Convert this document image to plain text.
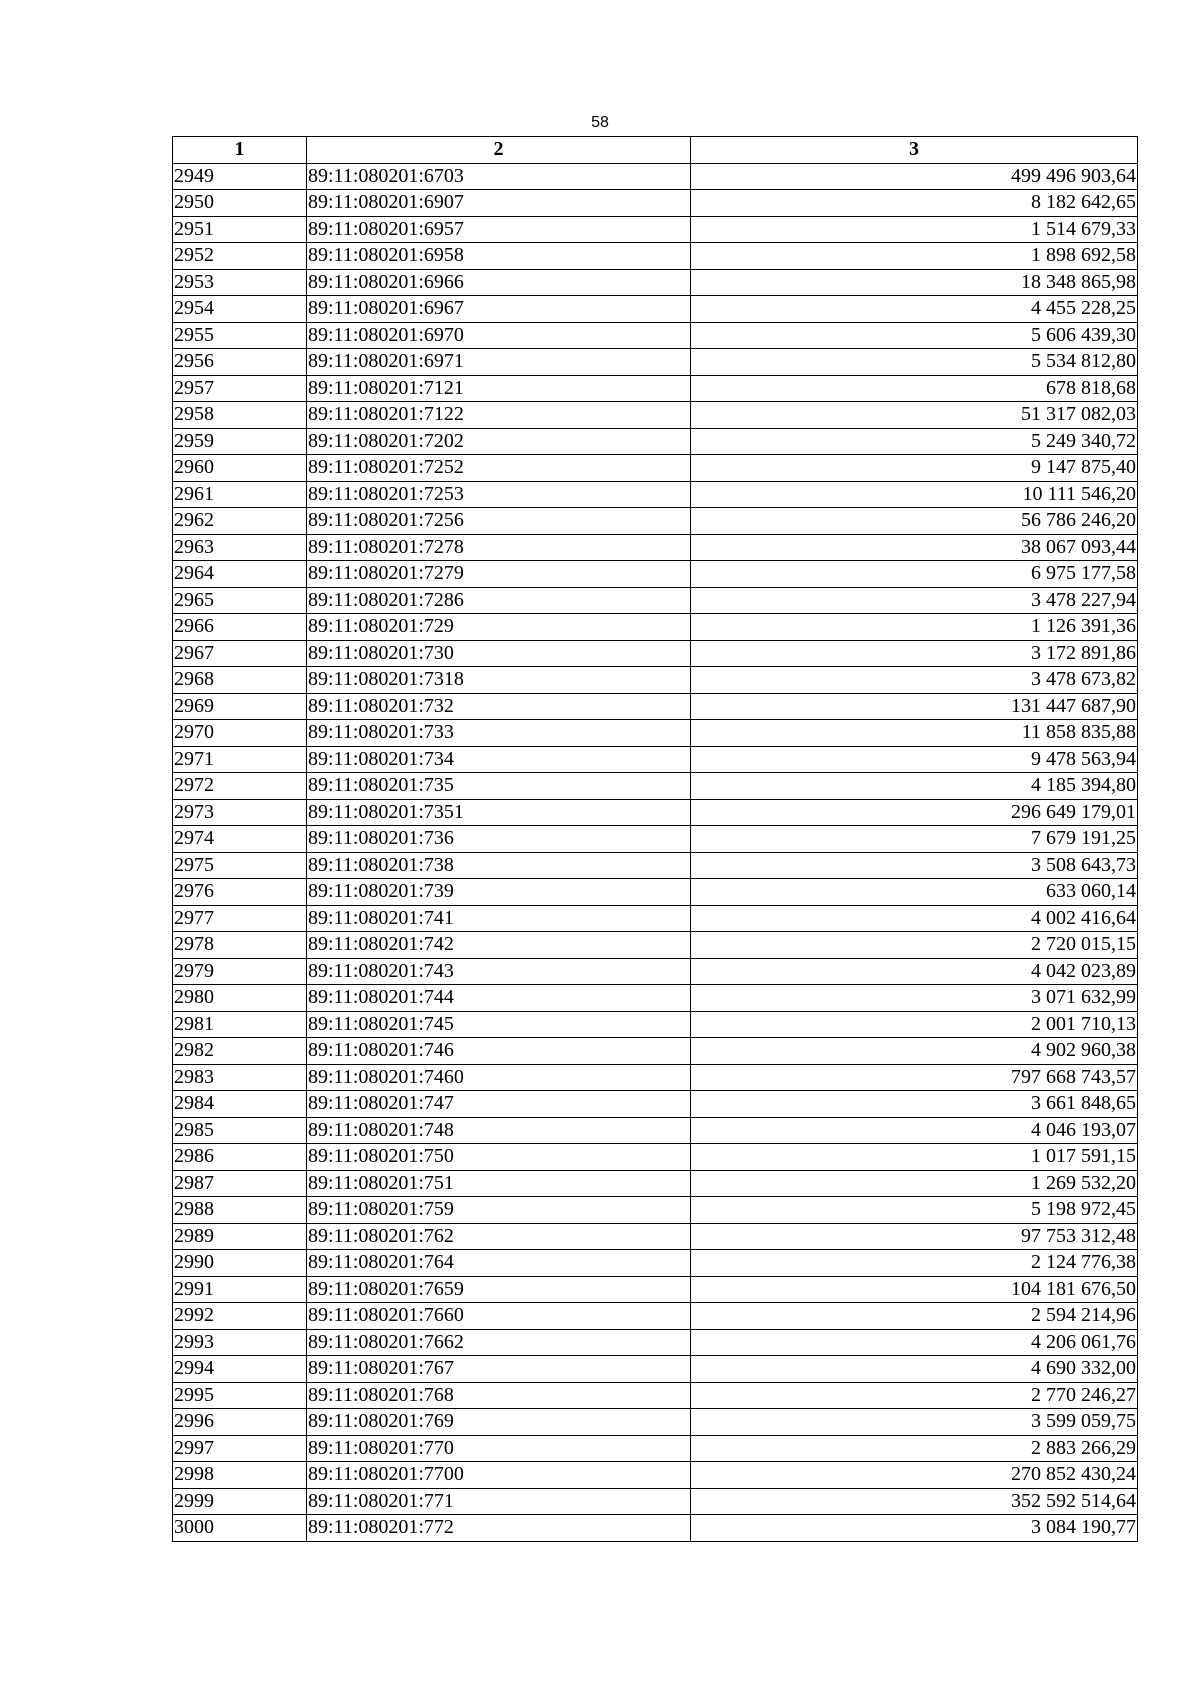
58
1	2	3
2949	89:11:080201:6703	499 496 903,64
2950	89:11:080201:6907	8 182 642,65
2951	89:11:080201:6957	1 514 679,33
2952	89:11:080201:6958	1 898 692,58
2953	89:11:080201:6966	18 348 865,98
2954	89:11:080201:6967	4 455 228,25
2955	89:11:080201:6970	5 606 439,30
2956	89:11:080201:6971	5 534 812,80
2957	89:11:080201:7121	678 818,68
2958	89:11:080201:7122	51 317 082,03
2959	89:11:080201:7202	5 249 340,72
2960	89:11:080201:7252	9 147 875,40
2961	89:11:080201:7253	10 111 546,20
2962	89:11:080201:7256	56 786 246,20
2963	89:11:080201:7278	38 067 093,44
2964	89:11:080201:7279	6 975 177,58
2965	89:11:080201:7286	3 478 227,94
2966	89:11:080201:729	1 126 391,36
2967	89:11:080201:730	3 172 891,86
2968	89:11:080201:7318	3 478 673,82
2969	89:11:080201:732	131 447 687,90
2970	89:11:080201:733	11 858 835,88
2971	89:11:080201:734	9 478 563,94
2972	89:11:080201:735	4 185 394,80
2973	89:11:080201:7351	296 649 179,01
2974	89:11:080201:736	7 679 191,25
2975	89:11:080201:738	3 508 643,73
2976	89:11:080201:739	633 060,14
2977	89:11:080201:741	4 002 416,64
2978	89:11:080201:742	2 720 015,15
2979	89:11:080201:743	4 042 023,89
2980	89:11:080201:744	3 071 632,99
2981	89:11:080201:745	2 001 710,13
2982	89:11:080201:746	4 902 960,38
2983	89:11:080201:7460	797 668 743,57
2984	89:11:080201:747	3 661 848,65
2985	89:11:080201:748	4 046 193,07
2986	89:11:080201:750	1 017 591,15
2987	89:11:080201:751	1 269 532,20
2988	89:11:080201:759	5 198 972,45
2989	89:11:080201:762	97 753 312,48
2990	89:11:080201:764	2 124 776,38
2991	89:11:080201:7659	104 181 676,50
2992	89:11:080201:7660	2 594 214,96
2993	89:11:080201:7662	4 206 061,76
2994	89:11:080201:767	4 690 332,00
2995	89:11:080201:768	2 770 246,27
2996	89:11:080201:769	3 599 059,75
2997	89:11:080201:770	2 883 266,29
2998	89:11:080201:7700	270 852 430,24
2999	89:11:080201:771	352 592 514,64
3000	89:11:080201:772	3 084 190,77
